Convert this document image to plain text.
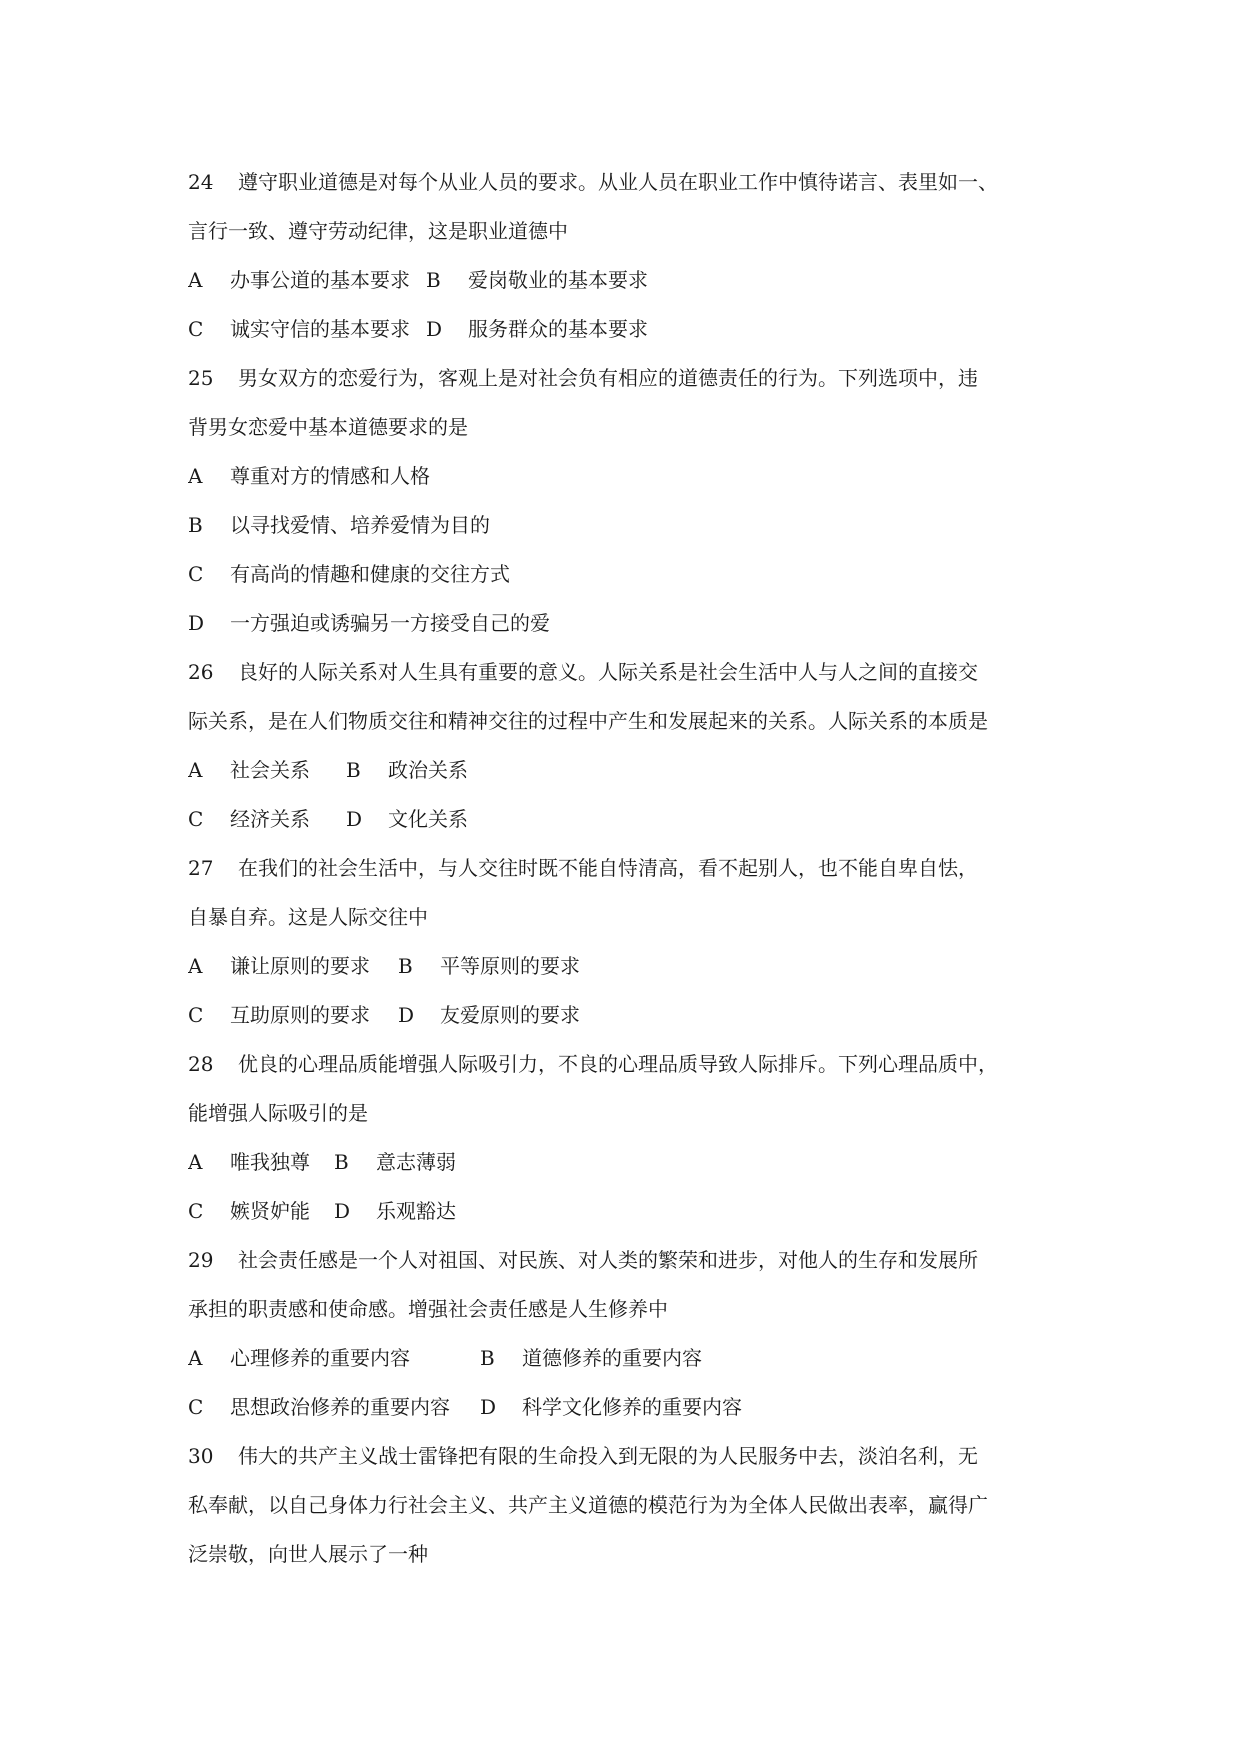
24 遵守职业道德是对每个从业人员的要求。从业人员在职业工作中慎待诺言、表里如一、
言行一致、遵守劳动纪律，这是职业道德中
A 办事公道的基本要求 B 爱岗敬业的基本要求
C 诚实守信的基本要求 D 服务群众的基本要求
25 男女双方的恋爱行为，客观上是对社会负有相应的道德责任的行为。下列选项中，违
背男女恋爱中基本道德要求的是
A 尊重对方的情感和人格
B 以寻找爱情、培养爱情为目的
C 有高尚的情趣和健康的交往方式
D 一方强迫或诱骗另一方接受自己的爱
26 良好的人际关系对人生具有重要的意义。人际关系是社会生活中人与人之间的直接交
际关系，是在人们物质交往和精神交往的过程中产生和发展起来的关系。人际关系的本质是
A 社会关系 B 政治关系
C 经济关系 D 文化关系
27 在我们的社会生活中，与人交往时既不能自恃清高，看不起别人，也不能自卑自怯，
自暴自弃。这是人际交往中
A 谦让原则的要求 B 平等原则的要求
C 互助原则的要求 D 友爱原则的要求
28 优良的心理品质能增强人际吸引力，不良的心理品质导致人际排斥。下列心理品质中，
能增强人际吸引的是
A 唯我独尊 B 意志薄弱
C 嫉贤妒能 D 乐观豁达
29 社会责任感是一个人对祖国、对民族、对人类的繁荣和进步，对他人的生存和发展所
承担的职责感和使命感。增强社会责任感是人生修养中
A 心理修养的重要内容	B 道德修养的重要内容
C 思想政治修养的重要内容 D 科学文化修养的重要内容
30 伟大的共产主义战士雷锋把有限的生命投入到无限的为人民服务中去，淡泊名利，无
私奉献，以自己身体力行社会主义、共产主义道德的模范行为为全体人民做出表率，赢得广
泛崇敬，向世人展示了一种
